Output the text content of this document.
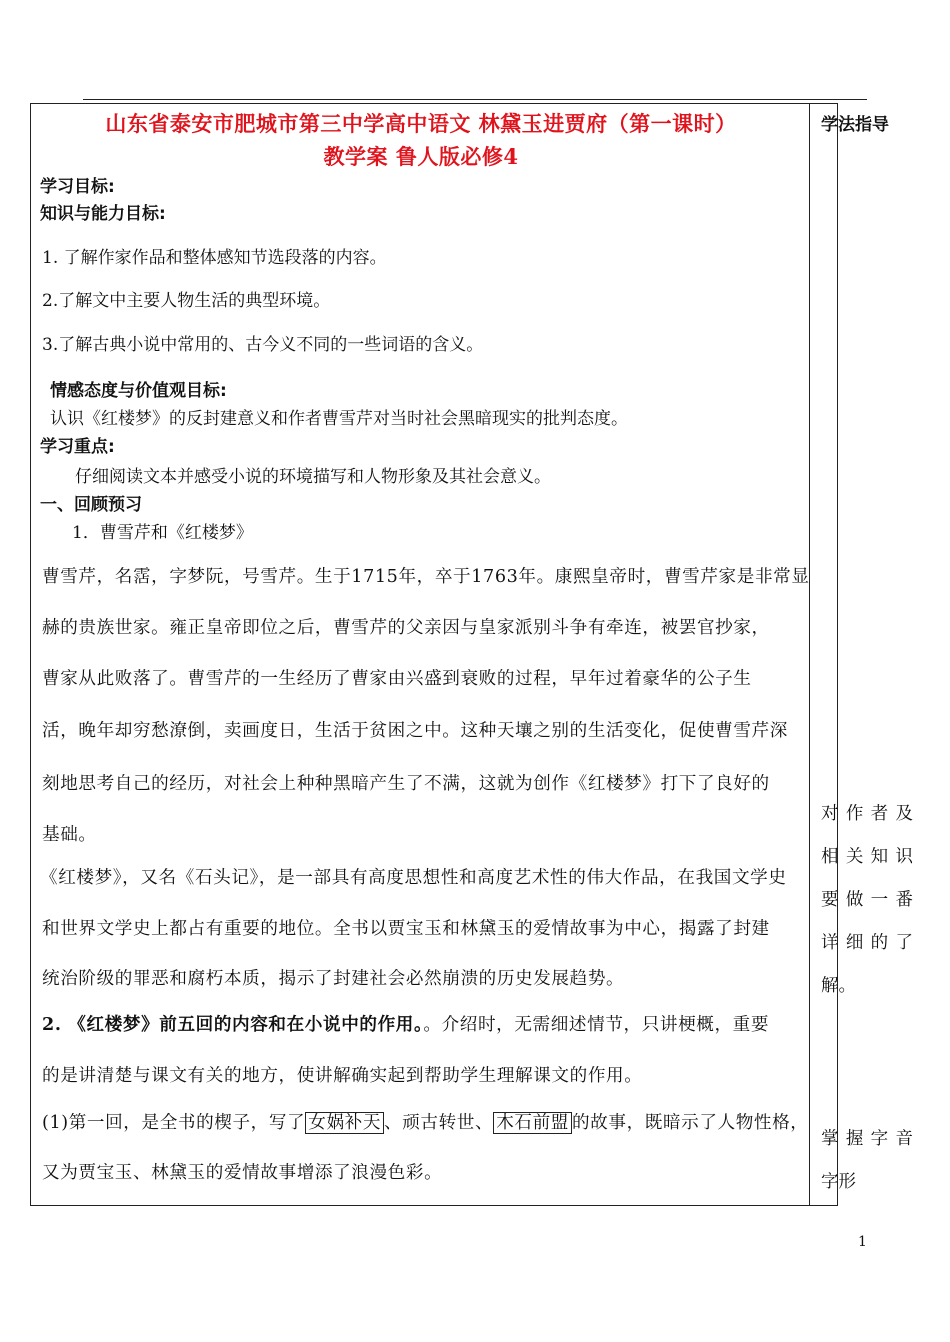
学法指导
山东省泰安市肥城市第三中学高中语文 林黛玉进贾府（第一课时）
教学案 鲁人版必修4
学习目标:
知识与能力目标:
1. 了解作家作品和整体感知节选段落的内容。
2.了解文中主要人物生活的典型环境。
3.了解古典小说中常用的、古今义不同的一些词语的含义。
情感态度与价值观目标:
认识《红楼梦》的反封建意义和作者曹雪芹对当时社会黑暗现实的批判态度。
学习重点:
仔细阅读文本并感受小说的环境描写和人物形象及其社会意义。
一、回顾预习
1．曹雪芹和《红楼梦》
曹雪芹，名霑，字梦阮，号雪芹。生于1715年，卒于1763年。康熙皇帝时，曹雪芹家是非常显
赫的贵族世家。雍正皇帝即位之后，曹雪芹的父亲因与皇家派别斗争有牵连，被罢官抄家，
曹家从此败落了。曹雪芹的一生经历了曹家由兴盛到衰败的过程，早年过着豪华的公子生
活，晚年却穷愁潦倒，卖画度日，生活于贫困之中。这种天壤之别的生活变化，促使曹雪芹深
刻地思考自己的经历，对社会上种种黑暗产生了不满，这就为创作《红楼梦》打下了良好的
基础。
《红楼梦》，又名《石头记》，是一部具有高度思想性和高度艺术性的伟大作品，在我国文学史
和世界文学史上都占有重要的地位。全书以贾宝玉和林黛玉的爱情故事为中心，揭露了封建
统治阶级的罪恶和腐朽本质，揭示了封建社会必然崩溃的历史发展趋势。
2. 《红楼梦》前五回的内容和在小说中的作用。。介绍时，无需细述情节，只讲梗概，重要
的是讲清楚与课文有关的地方，使讲解确实起到帮助学生理解课文的作用。
(1)第一回，是全书的楔子，写了 女娲补天 、顽古转世、 木石前盟 的故事，既暗示了人物性格，
又为贾宝玉、林黛玉的爱情故事增添了浪漫色彩。
对作者及
相关知识
要做一番
详细的了
解。
掌握字音
字形
1
